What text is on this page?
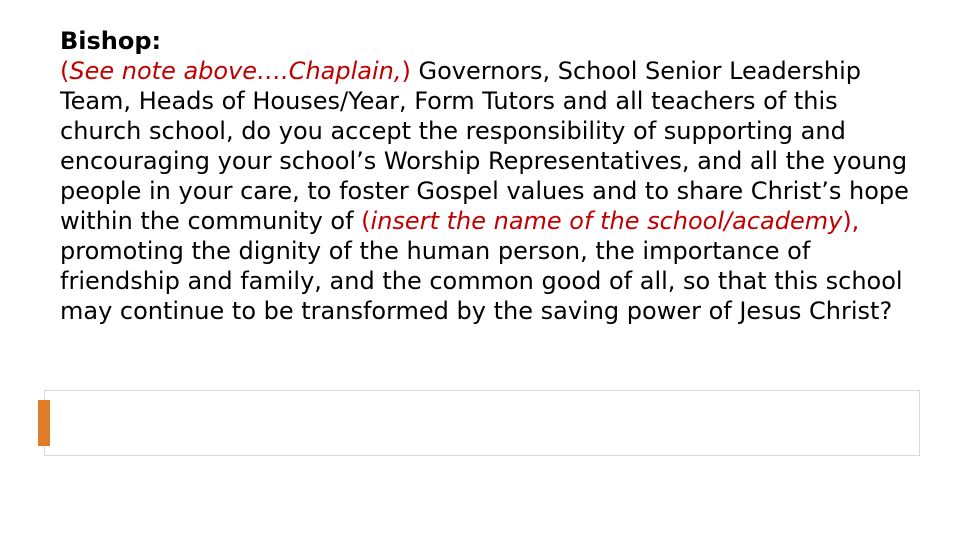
Bishop:
(See note above….Chaplain,) Governors, School Senior Leadership Team, Heads of Houses/Year, Form Tutors and all teachers of this church school, do you accept the responsibility of supporting and encouraging your school’s Worship Representatives, and all the young people in your care, to foster Gospel values and to share Christ’s hope within the community of (insert the name of the school/academy), promoting the dignity of the human person, the importance of friendship and family, and the common good of all, so that this school may continue to be transformed by the saving power of Jesus Christ?
